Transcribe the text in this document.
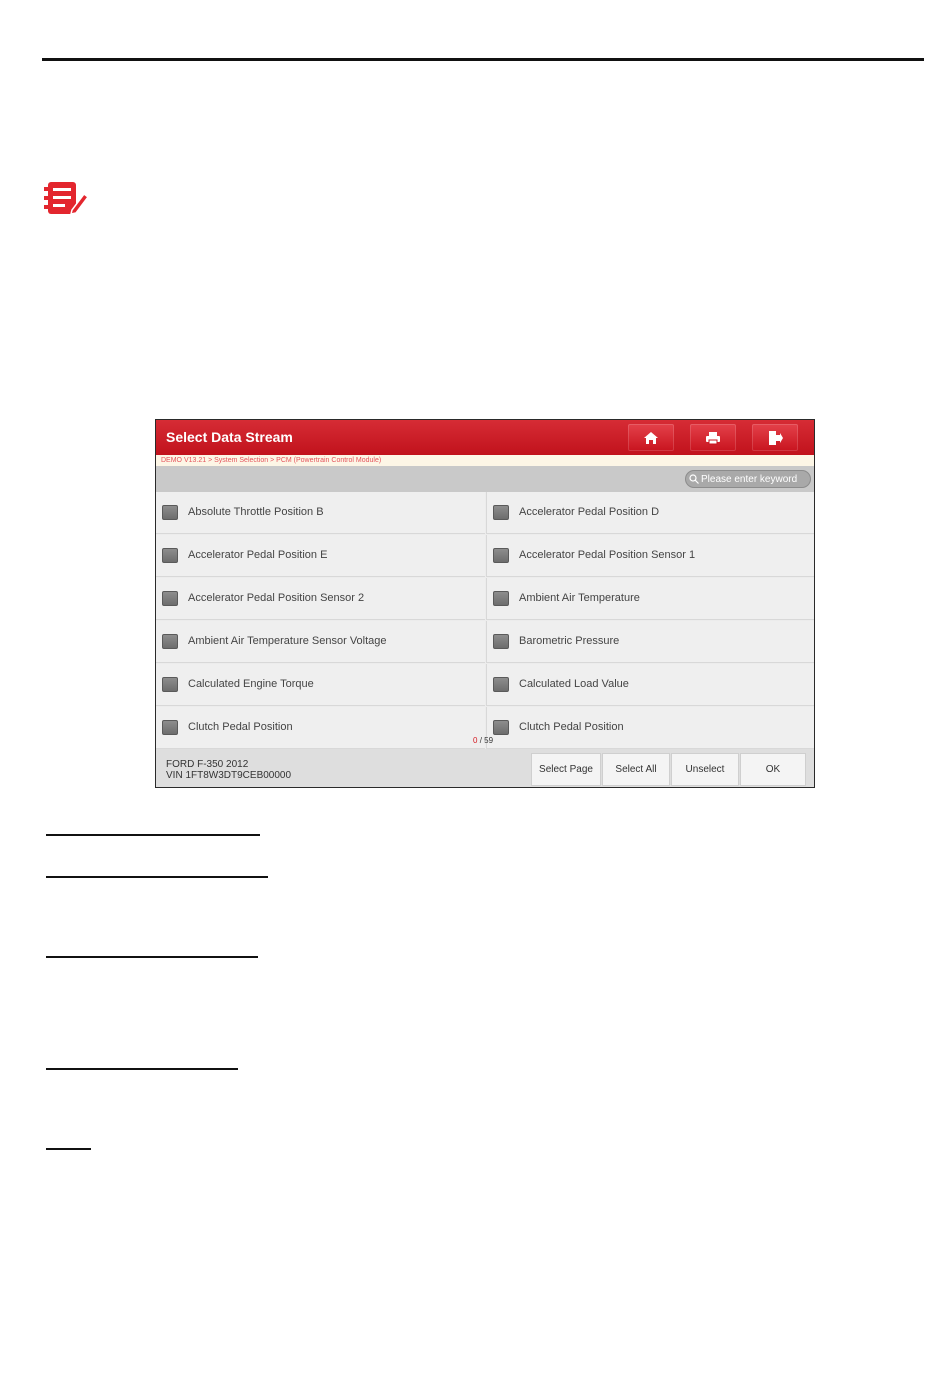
Select Data Stream
DEMO V13.21 > System Selection > PCM (Powertrain Control Module)
Please enter keyword
Absolute Throttle Position B	Accelerator Pedal Position D
Accelerator Pedal Position E	Accelerator Pedal Position Sensor 1
Accelerator Pedal Position Sensor 2	Ambient Air Temperature
Ambient Air Temperature Sensor Voltage	Barometric Pressure
Calculated Engine Torque	Calculated Load Value
Clutch Pedal Position	Clutch Pedal Position
0 / 59
FORD F-350 2012
VIN 1FT8W3DT9CEB00000
Select Page	Select All	Unselect	OK
